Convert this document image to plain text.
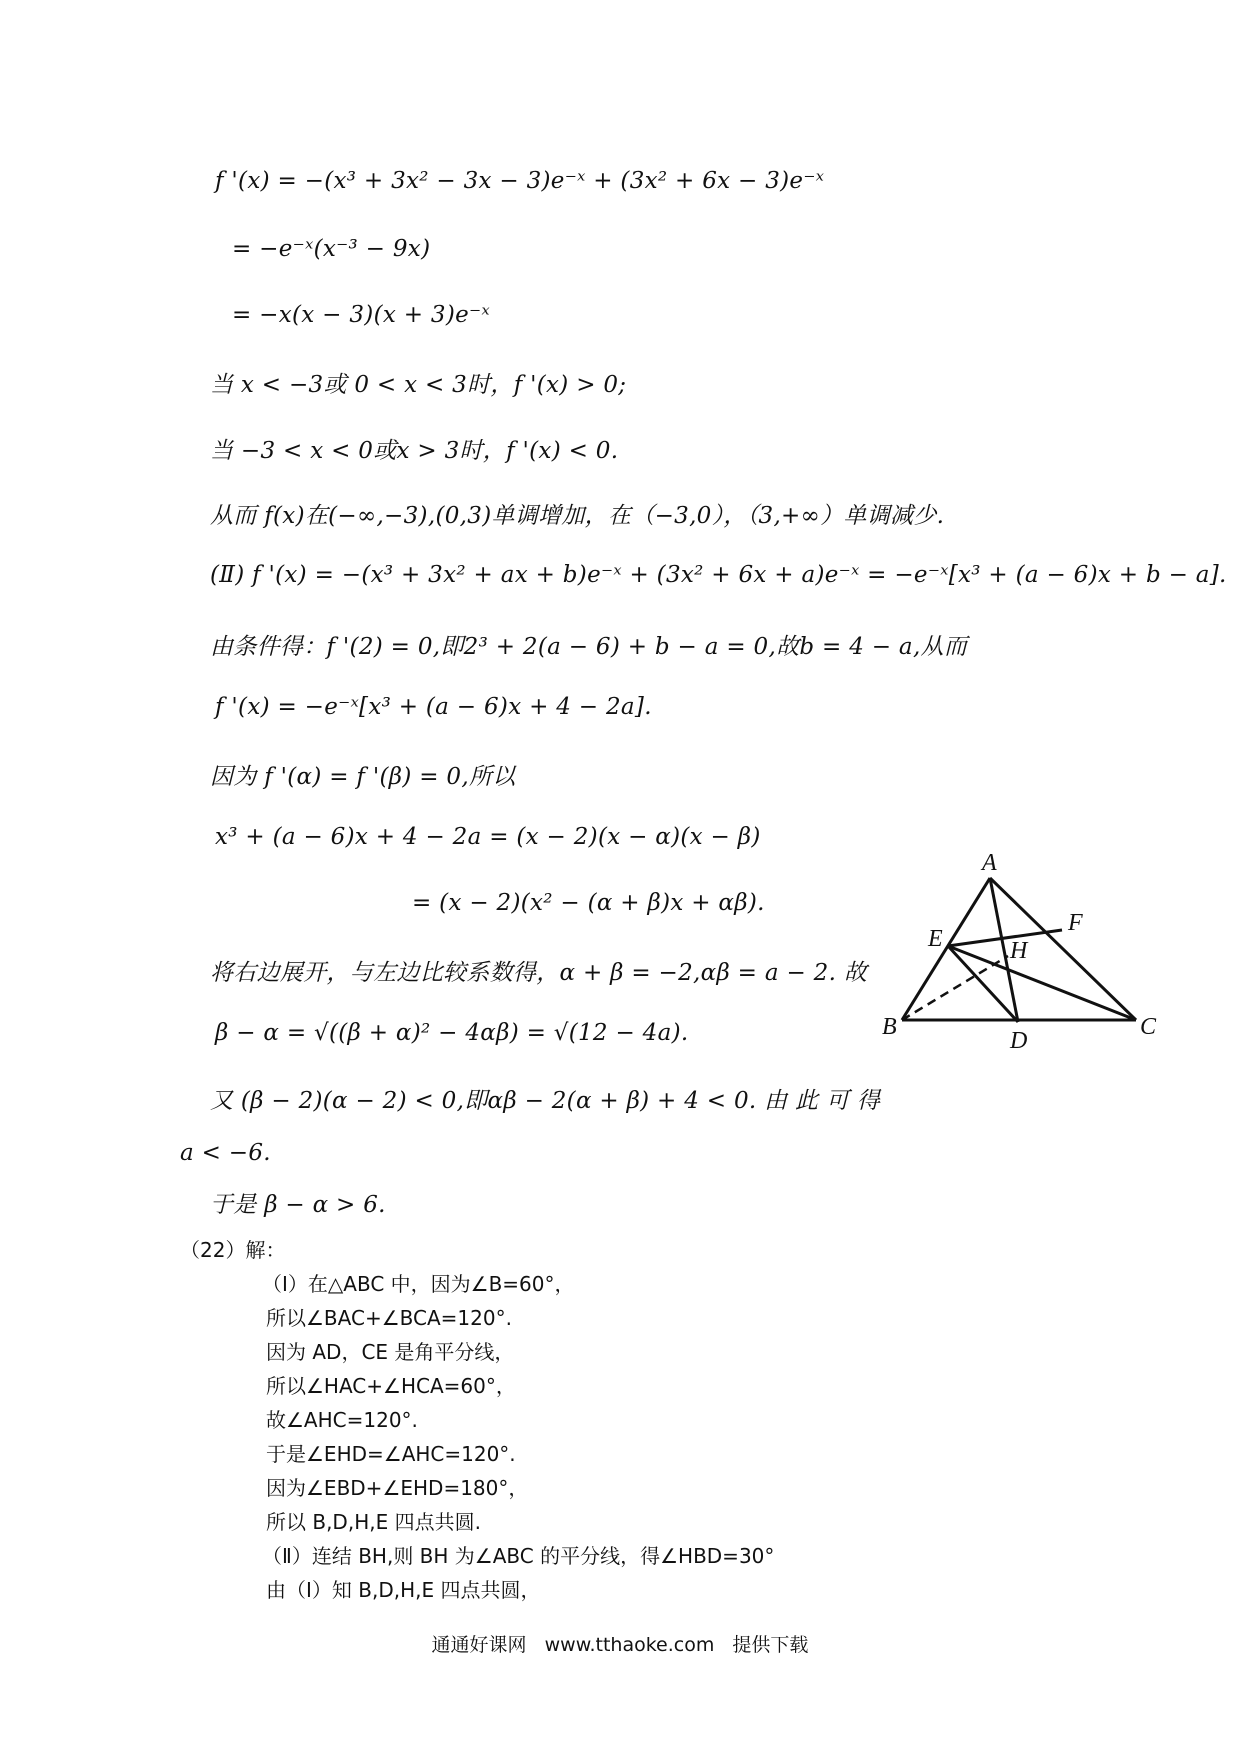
f '(x) = −(x³ + 3x² − 3x − 3)e⁻ˣ + (3x² + 6x − 3)e⁻ˣ
= −e⁻ˣ(x⁻³ − 9x)
= −x(x − 3)(x + 3)e⁻ˣ
当 x < −3或 0 < x < 3时，f '(x) > 0;
当 −3 < x < 0或x > 3时，f '(x) < 0.
从而 f(x)在(−∞,−3),(0,3)单调增加，在（−3,0），（3,+∞）单调减少.
(Ⅱ) f '(x) = −(x³ + 3x² + ax + b)e⁻ˣ + (3x² + 6x + a)e⁻ˣ = −e⁻ˣ[x³ + (a − 6)x + b − a].
由条件得：f '(2) = 0,即2³ + 2(a − 6) + b − a = 0,故b = 4 − a,从而
f '(x) = −e⁻ˣ[x³ + (a − 6)x + 4 − 2a].
因为 f '(α) = f '(β) = 0,所以
x³ + (a − 6)x + 4 − 2a = (x − 2)(x − α)(x − β)
= (x − 2)(x² − (α + β)x + αβ).
将右边展开，与左边比较系数得，α + β = −2,αβ = a − 2. 故
β − α = √((β + α)² − 4αβ) = √(12 − 4a).
又 (β − 2)(α − 2) < 0,即αβ − 2(α + β) + 4 < 0. 由 此 可 得
a < −6.
于是 β − α > 6.
（22）解：
（Ⅰ）在△ABC 中，因为∠B=60°，
所以∠BAC+∠BCA=120°.
因为 AD，CE 是角平分线，
所以∠HAC+∠HCA=60°，
故∠AHC=120°.
于是∠EHD=∠AHC=120°.
因为∠EBD+∠EHD=180°，
所以 B,D,H,E 四点共圆.
（Ⅱ）连结 BH,则 BH 为∠ABC 的平分线，得∠HBD=30°
由（Ⅰ）知 B,D,H,E 四点共圆，
A
B	C
D
E
F
H
通通好课网 www.tthaoke.com 提供下载
